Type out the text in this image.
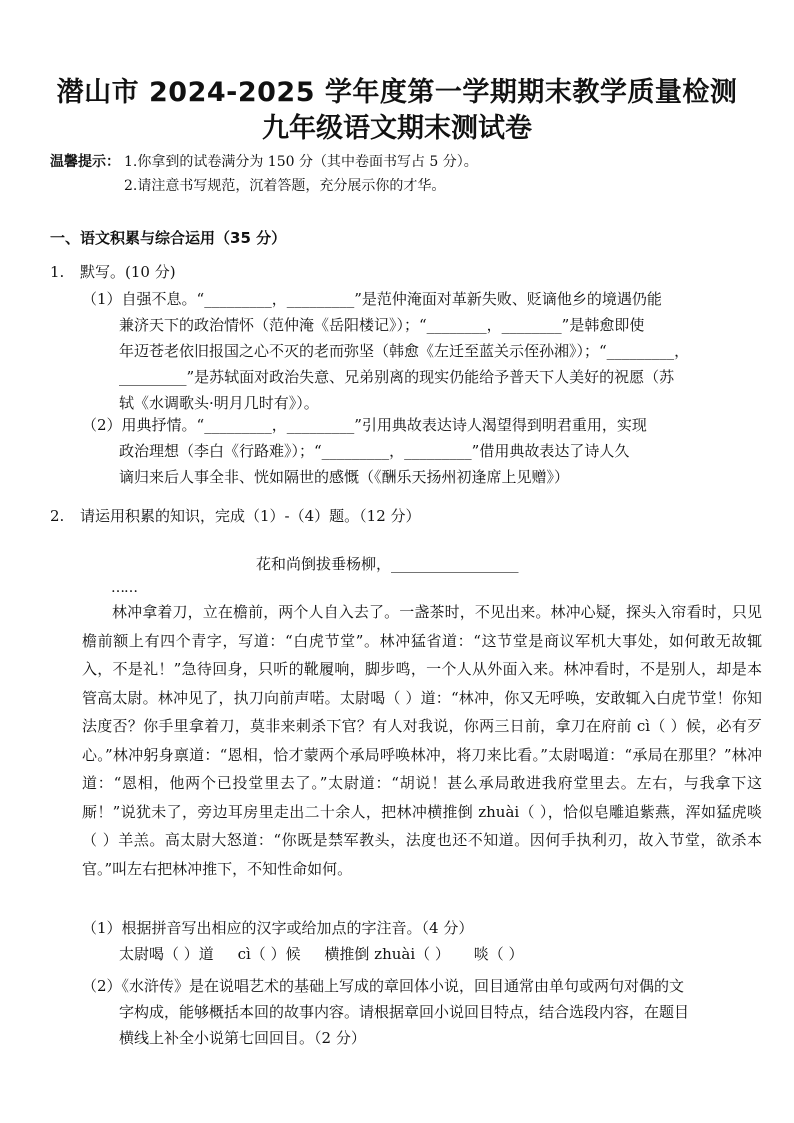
潜山市 2024-2025 学年度第一学期期末教学质量检测
九年级语文期末测试卷
温馨提示： 1.你拿到的试卷满分为 150 分（其中卷面书写占 5 分）。
2.请注意书写规范，沉着答题，充分展示你的才华。
一、语文积累与综合运用（35 分）
1. 默写。(10 分)
（1）自强不息。“_________，_________”是范仲淹面对革新失败、贬谪他乡的境遇仍能
兼济天下的政治情怀（范仲淹《岳阳楼记》）；“________，________”是韩愈即使
年迈苍老依旧报国之心不灭的老而弥坚（韩愈《左迁至蓝关示侄孙湘》）；“_________，
_________”是苏轼面对政治失意、兄弟别离的现实仍能给予普天下人美好的祝愿（苏
轼《水调歌头·明月几时有》）。
（2）用典抒情。“_________，_________”引用典故表达诗人渴望得到明君重用，实现
政治理想（李白《行路难》）；“_________，_________”借用典故表达了诗人久
谪归来后人事全非、恍如隔世的感慨（《酬乐天扬州初逢席上见赠》）
2. 请运用积累的知识，完成（1）-（4）题。（12 分）
花和尚倒拔垂杨柳，_________________
……
林冲拿着刀，立在檐前，两个人自入去了。一盏茶时，不见出来。林冲心疑，探头入帘看时，只见檐前额上有四个青字，写道：“白虎节堂”。林冲猛省道：“这节堂是商议军机大事处，如何敢无故辄入，不是礼！”急待回身，只听的靴履响，脚步鸣，一个人从外面入来。林冲看时，不是别人，却是本管高太尉。林冲见了，执刀向前声喏。太尉喝（ ）道：“林冲，你又无呼唤，安敢辄入白虎节堂！你知法度否？你手里拿着刀，莫非来刺杀下官？有人对我说，你两三日前，拿刀在府前 cì（ ）候，必有歹心。”林冲躬身禀道：“恩相，恰才蒙两个承局呼唤林冲，将刀来比看。”太尉喝道：“承局在那里？”林冲道：“恩相，他两个已投堂里去了。”太尉道：“胡说！甚么承局敢进我府堂里去。左右，与我拿下这厮！”说犹未了，旁边耳房里走出二十余人，把林冲横推倒 zhuài（ ），恰似皂雕追紫燕，浑如猛虎啖（ ）羊羔。高太尉大怒道：“你既是禁军教头，法度也还不知道。因何手执利刃，故入节堂，欲杀本官。”叫左右把林冲推下，不知性命如何。
（1）根据拼音写出相应的汉字或给加点的字注音。（4 分）
太尉喝（ ）道     cì（ ）候     横推倒 zhuài（ ）     啖（ ）
（2）《水浒传》是在说唱艺术的基础上写成的章回体小说，回目通常由单句或两句对偶的文
字构成，能够概括本回的故事内容。请根据章回小说回目特点，结合选段内容，在题目
横线上补全小说第七回回目。（2 分）
